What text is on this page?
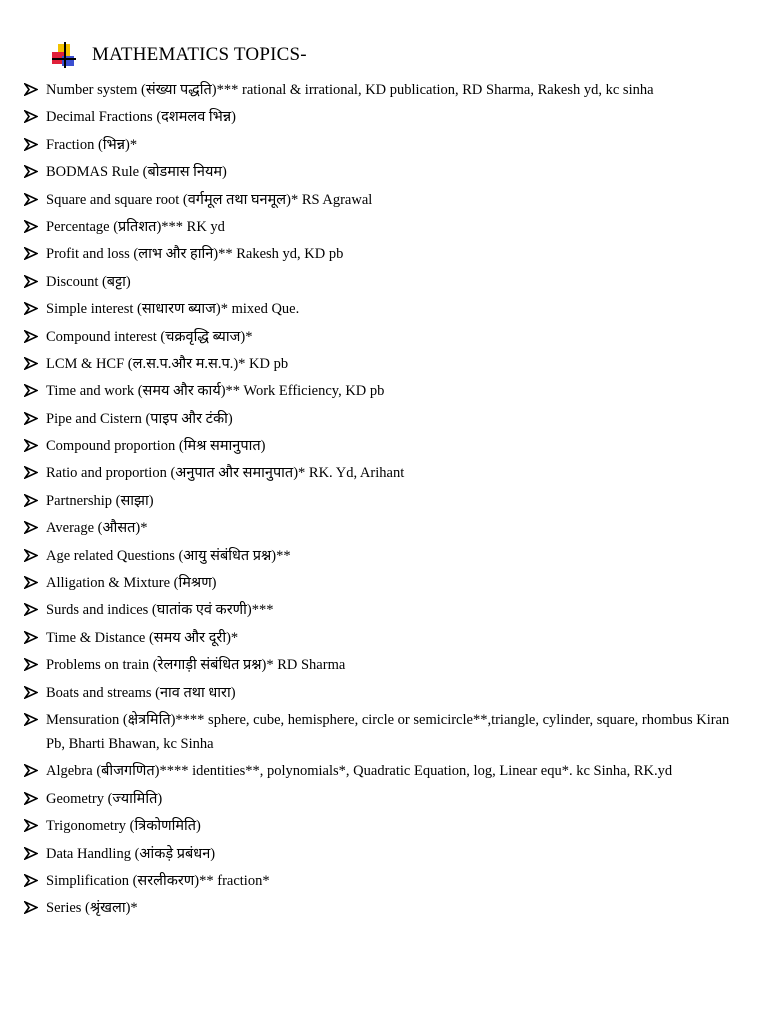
MATHEMATICS TOPICS-
Number system (संख्या पद्धति)*** rational & irrational, KD publication, RD Sharma, Rakesh yd, kc sinha
Decimal Fractions (दशमलव भिन्न)
Fraction (भिन्न)*
BODMAS Rule (बोडमास नियम)
Square and square root (वर्गमूल तथा घनमूल)* RS Agrawal
Percentage (प्रतिशत)*** RK yd
Profit and loss (लाभ और हानि)** Rakesh yd, KD pb
Discount (बट्टा)
Simple interest (साधारण ब्याज)* mixed Que.
Compound interest (चक्रवृद्धि ब्याज)*
LCM & HCF (ल.स.प.और म.स.प.)* KD pb
Time and work (समय और कार्य)** Work Efficiency, KD pb
Pipe and Cistern (पाइप और टंकी)
Compound proportion (मिश्र समानुपात)
Ratio and proportion (अनुपात और समानुपात)* RK. Yd, Arihant
Partnership (साझा)
Average (औसत)*
Age related Questions (आयु संबंधित प्रश्न)**
Alligation & Mixture (मिश्रण)
Surds and indices (घातांक एवं करणी)***
Time & Distance (समय और दूरी)*
Problems on train (रेलगाड़ी संबंधित प्रश्न)* RD Sharma
Boats and streams (नाव तथा धारा)
Mensuration (क्षेत्रमिति)**** sphere, cube, hemisphere, circle or semicircle**,triangle, cylinder, square, rhombus Kiran Pb, Bharti Bhawan, kc Sinha
Algebra (बीजगणित)**** identities**, polynomials*, Quadratic Equation, log, Linear equ*. kc Sinha, RK.yd
Geometry (ज्यामिति)
Trigonometry (त्रिकोणमिति)
Data Handling (आंकड़े प्रबंधन)
Simplification (सरलीकरण)** fraction*
Series (श्रृंखला)*
